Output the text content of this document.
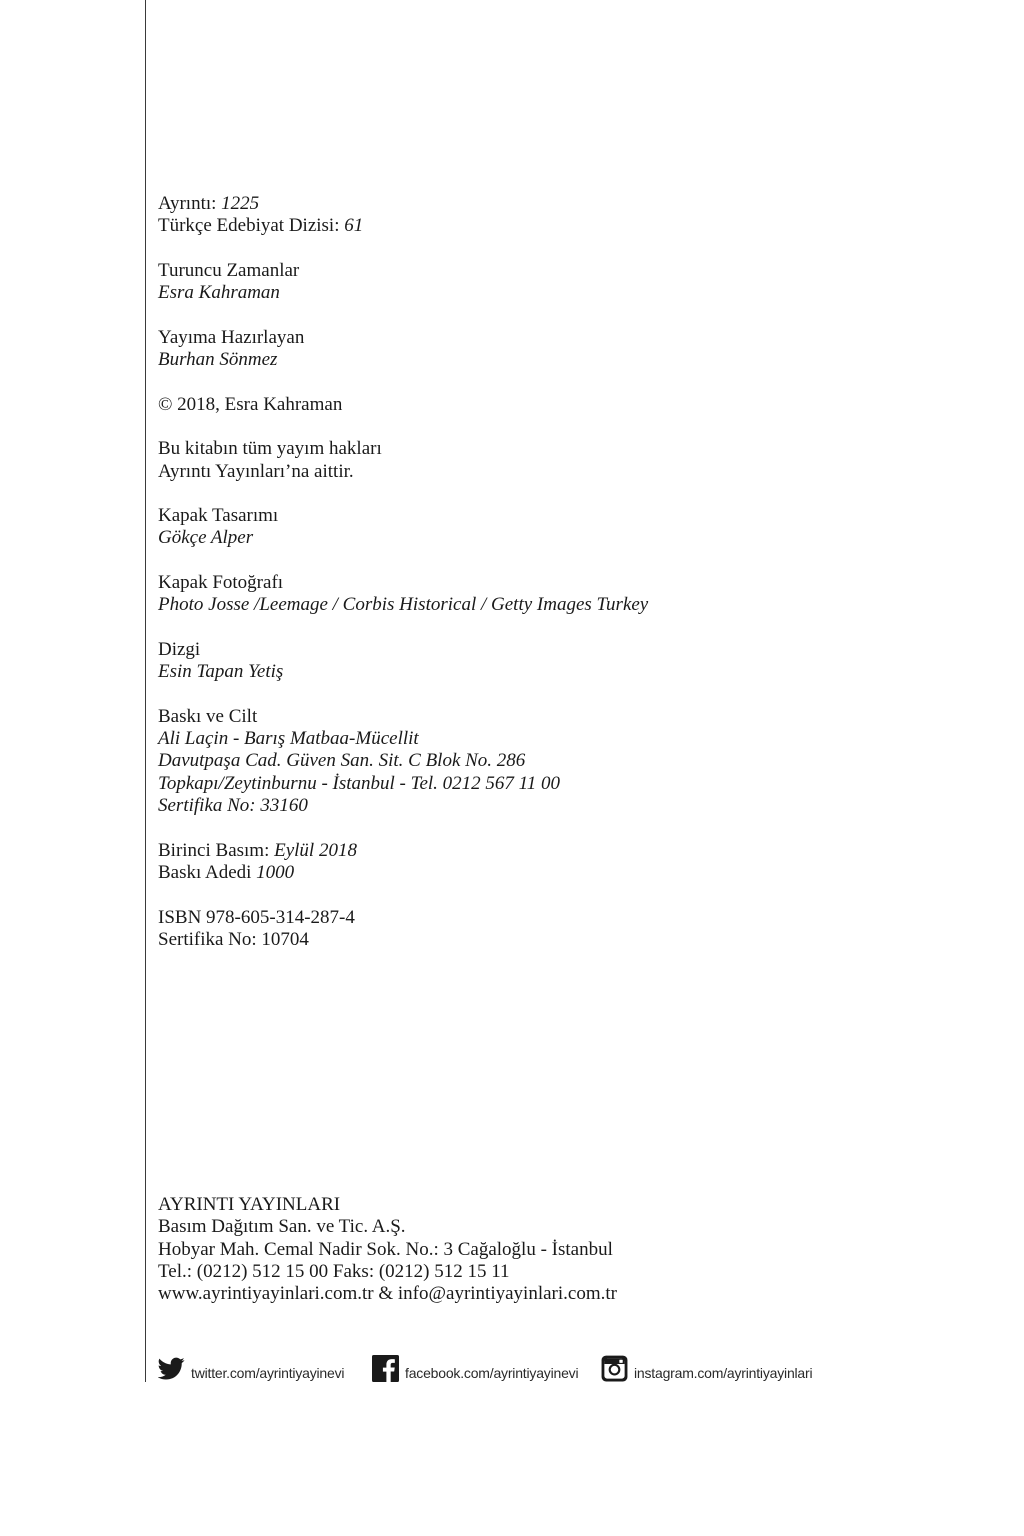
Ayrıntı: 1225
Türkçe Edebiyat Dizisi: 61
Turuncu Zamanlar
Esra Kahraman
Yayıma Hazırlayan
Burhan Sönmez
© 2018, Esra Kahraman
Bu kitabın tüm yayım hakları
Ayrıntı Yayınları’na aittir.
Kapak Tasarımı
Gökçe Alper
Kapak Fotoğrafı
Photo Josse /Leemage / Corbis Historical / Getty Images Turkey
Dizgi
Esin Tapan Yetiş
Baskı ve Cilt
Ali Laçin - Barış Matbaa-Mücellit
Davutpaşa Cad. Güven San. Sit. C Blok No. 286
Topkapı/Zeytinburnu - İstanbul - Tel. 0212 567 11 00
Sertifika No: 33160
Birinci Basım: Eylül 2018
Baskı Adedi 1000
ISBN 978-605-314-287-4
Sertifika No: 10704
AYRINTI YAYINLARI
Basım Dağıtım San. ve Tic. A.Ş.
Hobyar Mah. Cemal Nadir Sok. No.: 3 Cağaloğlu - İstanbul
Tel.: (0212) 512 15 00 Faks: (0212) 512 15 11
www.ayrintiyayinlari.com.tr & info@ayrintiyayinlari.com.tr
twitter.com/ayrintiyayinevi	facebook.com/ayrintiyayinevi	instagram.com/ayrintiyayinlari
